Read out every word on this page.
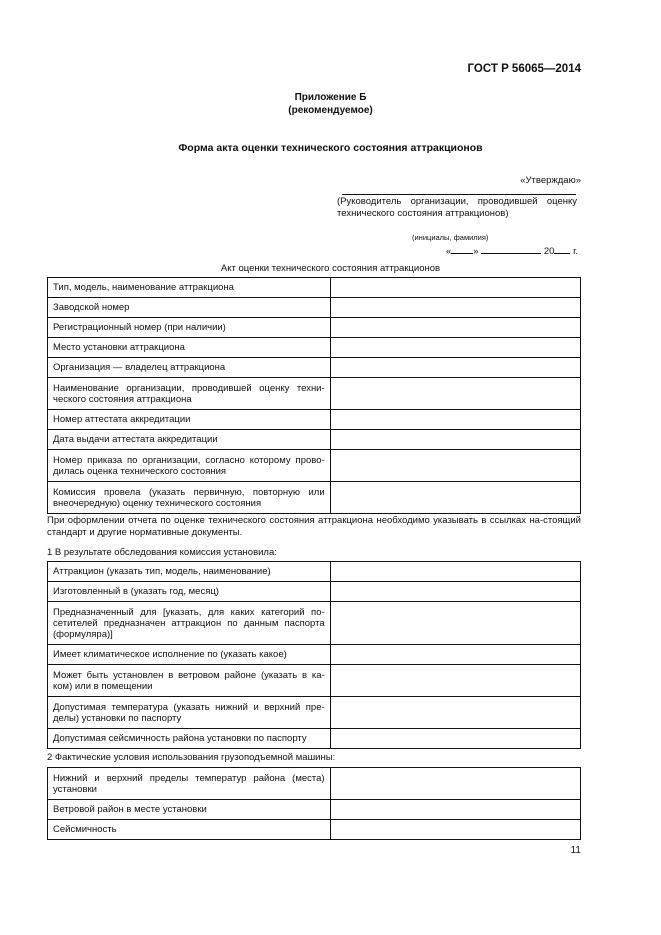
ГОСТ Р 56065—2014
Приложение Б
(рекомендуемое)
Форма акта оценки технического состояния аттракционов
«Утверждаю»
(Руководитель организации, проводившей оценку технического состояния аттракционов)
(инициалы, фамилия)
« »	20 г.
Акт оценки технического состояния аттракционов
Тип, модель, наименование аттракциона	
Заводской номер	
Регистрационный номер (при наличии)	
Место установки аттракциона	
Организация — владелец аттракциона	
Наименование организации, проводившей оценку техни-ческого состояния аттракциона	
Номер аттестата аккредитации	
Дата выдачи аттестата аккредитации	
Номер приказа по организации, согласно которому прово-дилась оценка технического состояния	
Комиссия провела (указать первичную, повторную или внеочередную) оценку технического состояния	
При оформлении отчета по оценке технического состояния аттракциона необходимо указывать в ссылках на-стоящий стандарт и другие нормативные документы.
1 В результате обследования комиссия установила:
Аттракцион (указать тип, модель, наименование)	
Изготовленный в (указать год, месяц)	
Предназначенный для [указать, для каких категорий по-сетителей предназначен аттракцион по данным паспорта (формуляра)]	
Имеет климатическое исполнение по (указать какое)	
Может быть установлен в ветровом районе (указать в ка-ком) или в помещении	
Допустимая температура (указать нижний и верхний пре-делы) установки по паспорту	
Допустимая сейсмичность района установки по паспорту	
2 Фактические условия использования грузоподъемной машины:
Нижний и верхний пределы температур района (места) установки	
Ветровой район в месте установки	
Сейсмичность	
11
